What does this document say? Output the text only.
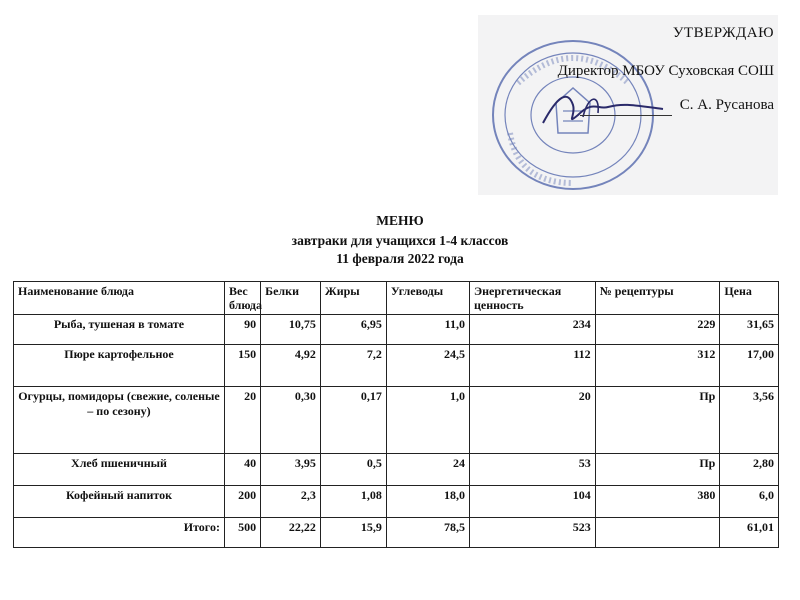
УТВЕРЖДАЮ
Директор МБОУ Суховская СОШ
С. А. Русанова
МЕНЮ
завтраки для учащихся 1-4 классов
11 февраля 2022 года
Наименование блюда	Вес блюда	Белки	Жиры	Углеводы	Энергетическая ценность	№ рецептуры	Цена
Рыба, тушеная в томате	90	10,75	6,95	11,0	234	229	31,65
Пюре картофельное	150	4,92	7,2	24,5	112	312	17,00
Огурцы, помидоры (свежие, соленые – по сезону)	20	0,30	0,17	1,0	20	Пр	3,56
Хлеб пшеничный	40	3,95	0,5	24	53	Пр	2,80
Кофейный напиток	200	2,3	1,08	18,0	104	380	6,0
Итого:	500	22,22	15,9	78,5	523		61,01
